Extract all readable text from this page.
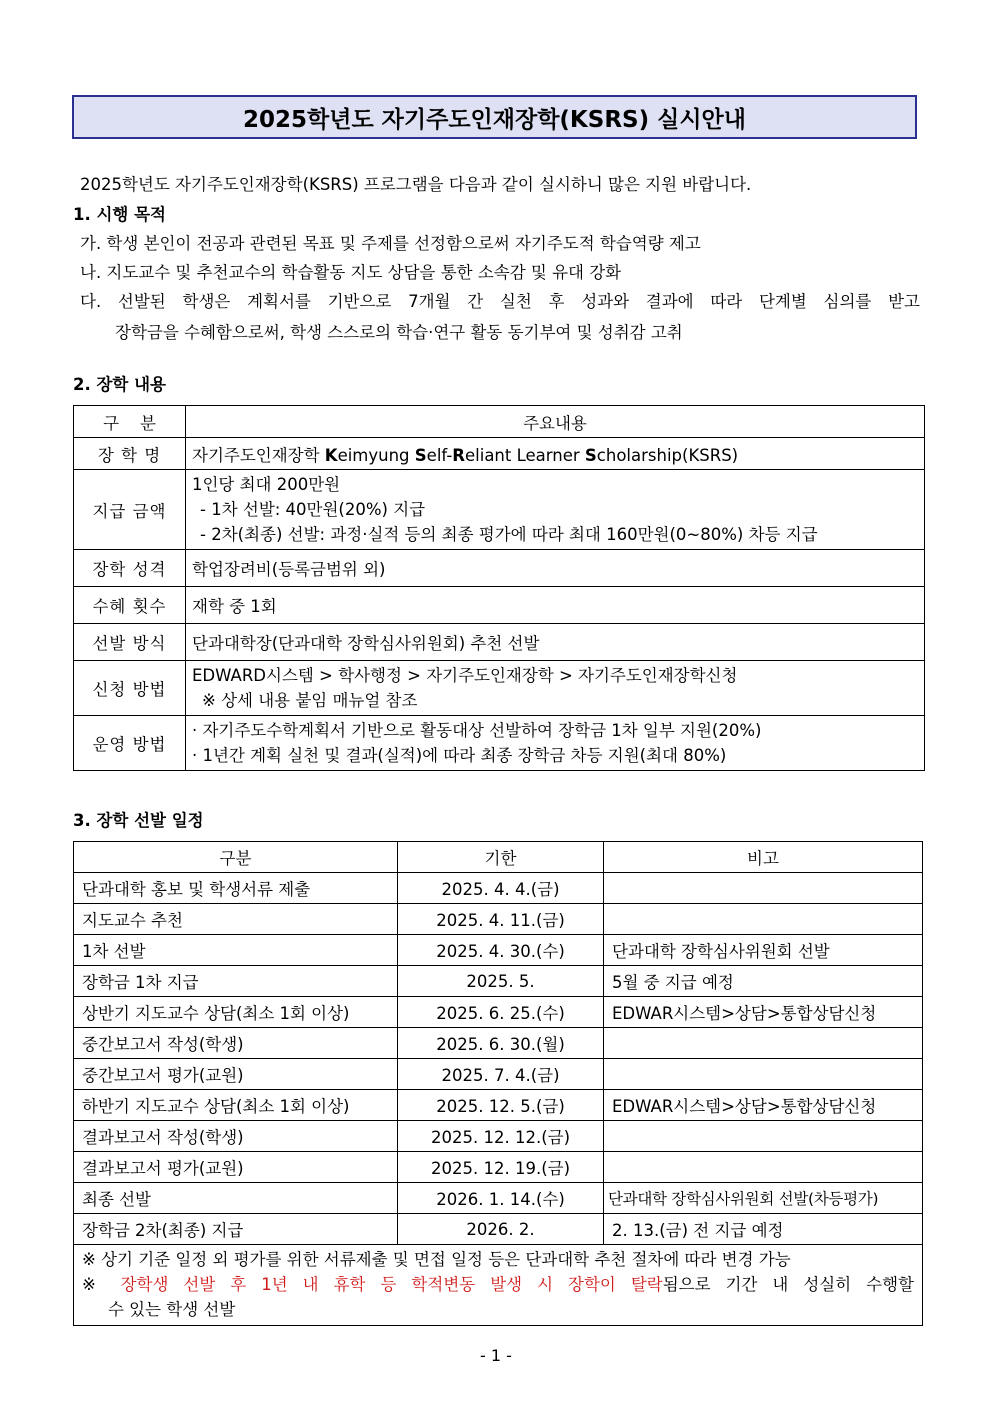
2025학년도 자기주도인재장학(KSRS) 실시안내
2025학년도 자기주도인재장학(KSRS) 프로그램을 다음과 같이 실시하니 많은 지원 바랍니다.
1. 시행 목적
가. 학생 본인이 전공과 관련된 목표 및 주제를 선정함으로써 자기주도적 학습역량 제고
나. 지도교수 및 추천교수의 학습활동 지도 상담을 통한 소속감 및 유대 강화
다. 선발된 학생은 계획서를 기반으로 7개월 간 실천 후 성과와 결과에 따라 단계별 심의를 받고
장학금을 수혜함으로써, 학생 스스로의 학습·연구 활동 동기부여 및 성취감 고취
2. 장학 내용
구    분	주요내용
장 학 명	자기주도인재장학 Keimyung Self-Reliant Learner Scholarship(KSRS)
지급 금액	1인당 최대 200만원
- 1차 선발: 40만원(20%) 지급
- 2차(최종) 선발: 과정·실적 등의 최종 평가에 따라 최대 160만원(0~80%) 차등 지급

장학 성격	학업장려비(등록금범위 외)
수혜 횟수	재학 중 1회
선발 방식	단과대학장(단과대학 장학심사위원회) 추천 선발
신청 방법	EDWARD시스템 > 학사행정 > 자기주도인재장학 > 자기주도인재장학신청
※ 상세 내용 붙임 매뉴얼 참조

운영 방법	· 자기주도수학계획서 기반으로 활동대상 선발하여 장학금 1차 일부 지원(20%)
· 1년간 계획 실천 및 결과(실적)에 따라 최종 장학금 차등 지원(최대 80%)
3. 장학 선발 일정
구분	기한	비고
단과대학 홍보 및 학생서류 제출	2025. 4. 4.(금)	
지도교수 추천	2025. 4. 11.(금)	
1차 선발	2025. 4. 30.(수)	단과대학 장학심사위원회 선발
장학금 1차 지급	2025. 5.	5월 중 지급 예정
상반기 지도교수 상담(최소 1회 이상)	2025. 6. 25.(수)	EDWAR시스템>상담>통합상담신청
중간보고서 작성(학생)	2025. 6. 30.(월)	
중간보고서 평가(교원)	2025. 7. 4.(금)	
하반기 지도교수 상담(최소 1회 이상)	2025. 12. 5.(금)	EDWAR시스템>상담>통합상담신청
결과보고서 작성(학생)	2025. 12. 12.(금)	
결과보고서 평가(교원)	2025. 12. 19.(금)	
최종 선발	2026. 1. 14.(수)	단과대학 장학심사위원회 선발(차등평가)
장학금 2차(최종) 지급	2026. 2.	2. 13.(금) 전 지급 예정

※ 상기 기준 일정 외 평가를 위한 서류제출 및 면접 일정 등은 단과대학 추천 절차에 따라 변경 가능
※ 장학생 선발 후 1년 내 휴학 등 학적변동 발생 시 장학이 탈락됨으로 기간 내 성실히 수행할
수 있는 학생 선발		
- 1 -
